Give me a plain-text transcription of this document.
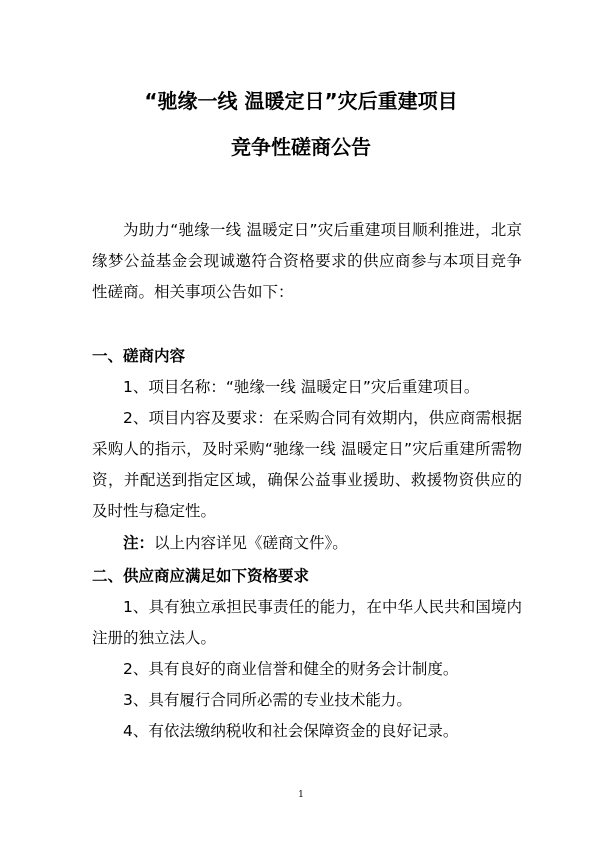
“驰缘一线 温暖定日”灾后重建项目
竞争性磋商公告
为助力“驰缘一线 温暖定日”灾后重建项目顺利推进，北京缘梦公益基金会现诚邀符合资格要求的供应商参与本项目竞争性磋商。相关事项公告如下：
一、磋商内容
1、项目名称：“驰缘一线 温暖定日”灾后重建项目。
2、项目内容及要求：在采购合同有效期内，供应商需根据采购人的指示，及时采购“驰缘一线 温暖定日”灾后重建所需物资，并配送到指定区域，确保公益事业援助、救援物资供应的及时性与稳定性。
注：以上内容详见《磋商文件》。
二、供应商应满足如下资格要求
1、具有独立承担民事责任的能力，在中华人民共和国境内注册的独立法人。
2、具有良好的商业信誉和健全的财务会计制度。
3、具有履行合同所必需的专业技术能力。
4、有依法缴纳税收和社会保障资金的良好记录。
1
